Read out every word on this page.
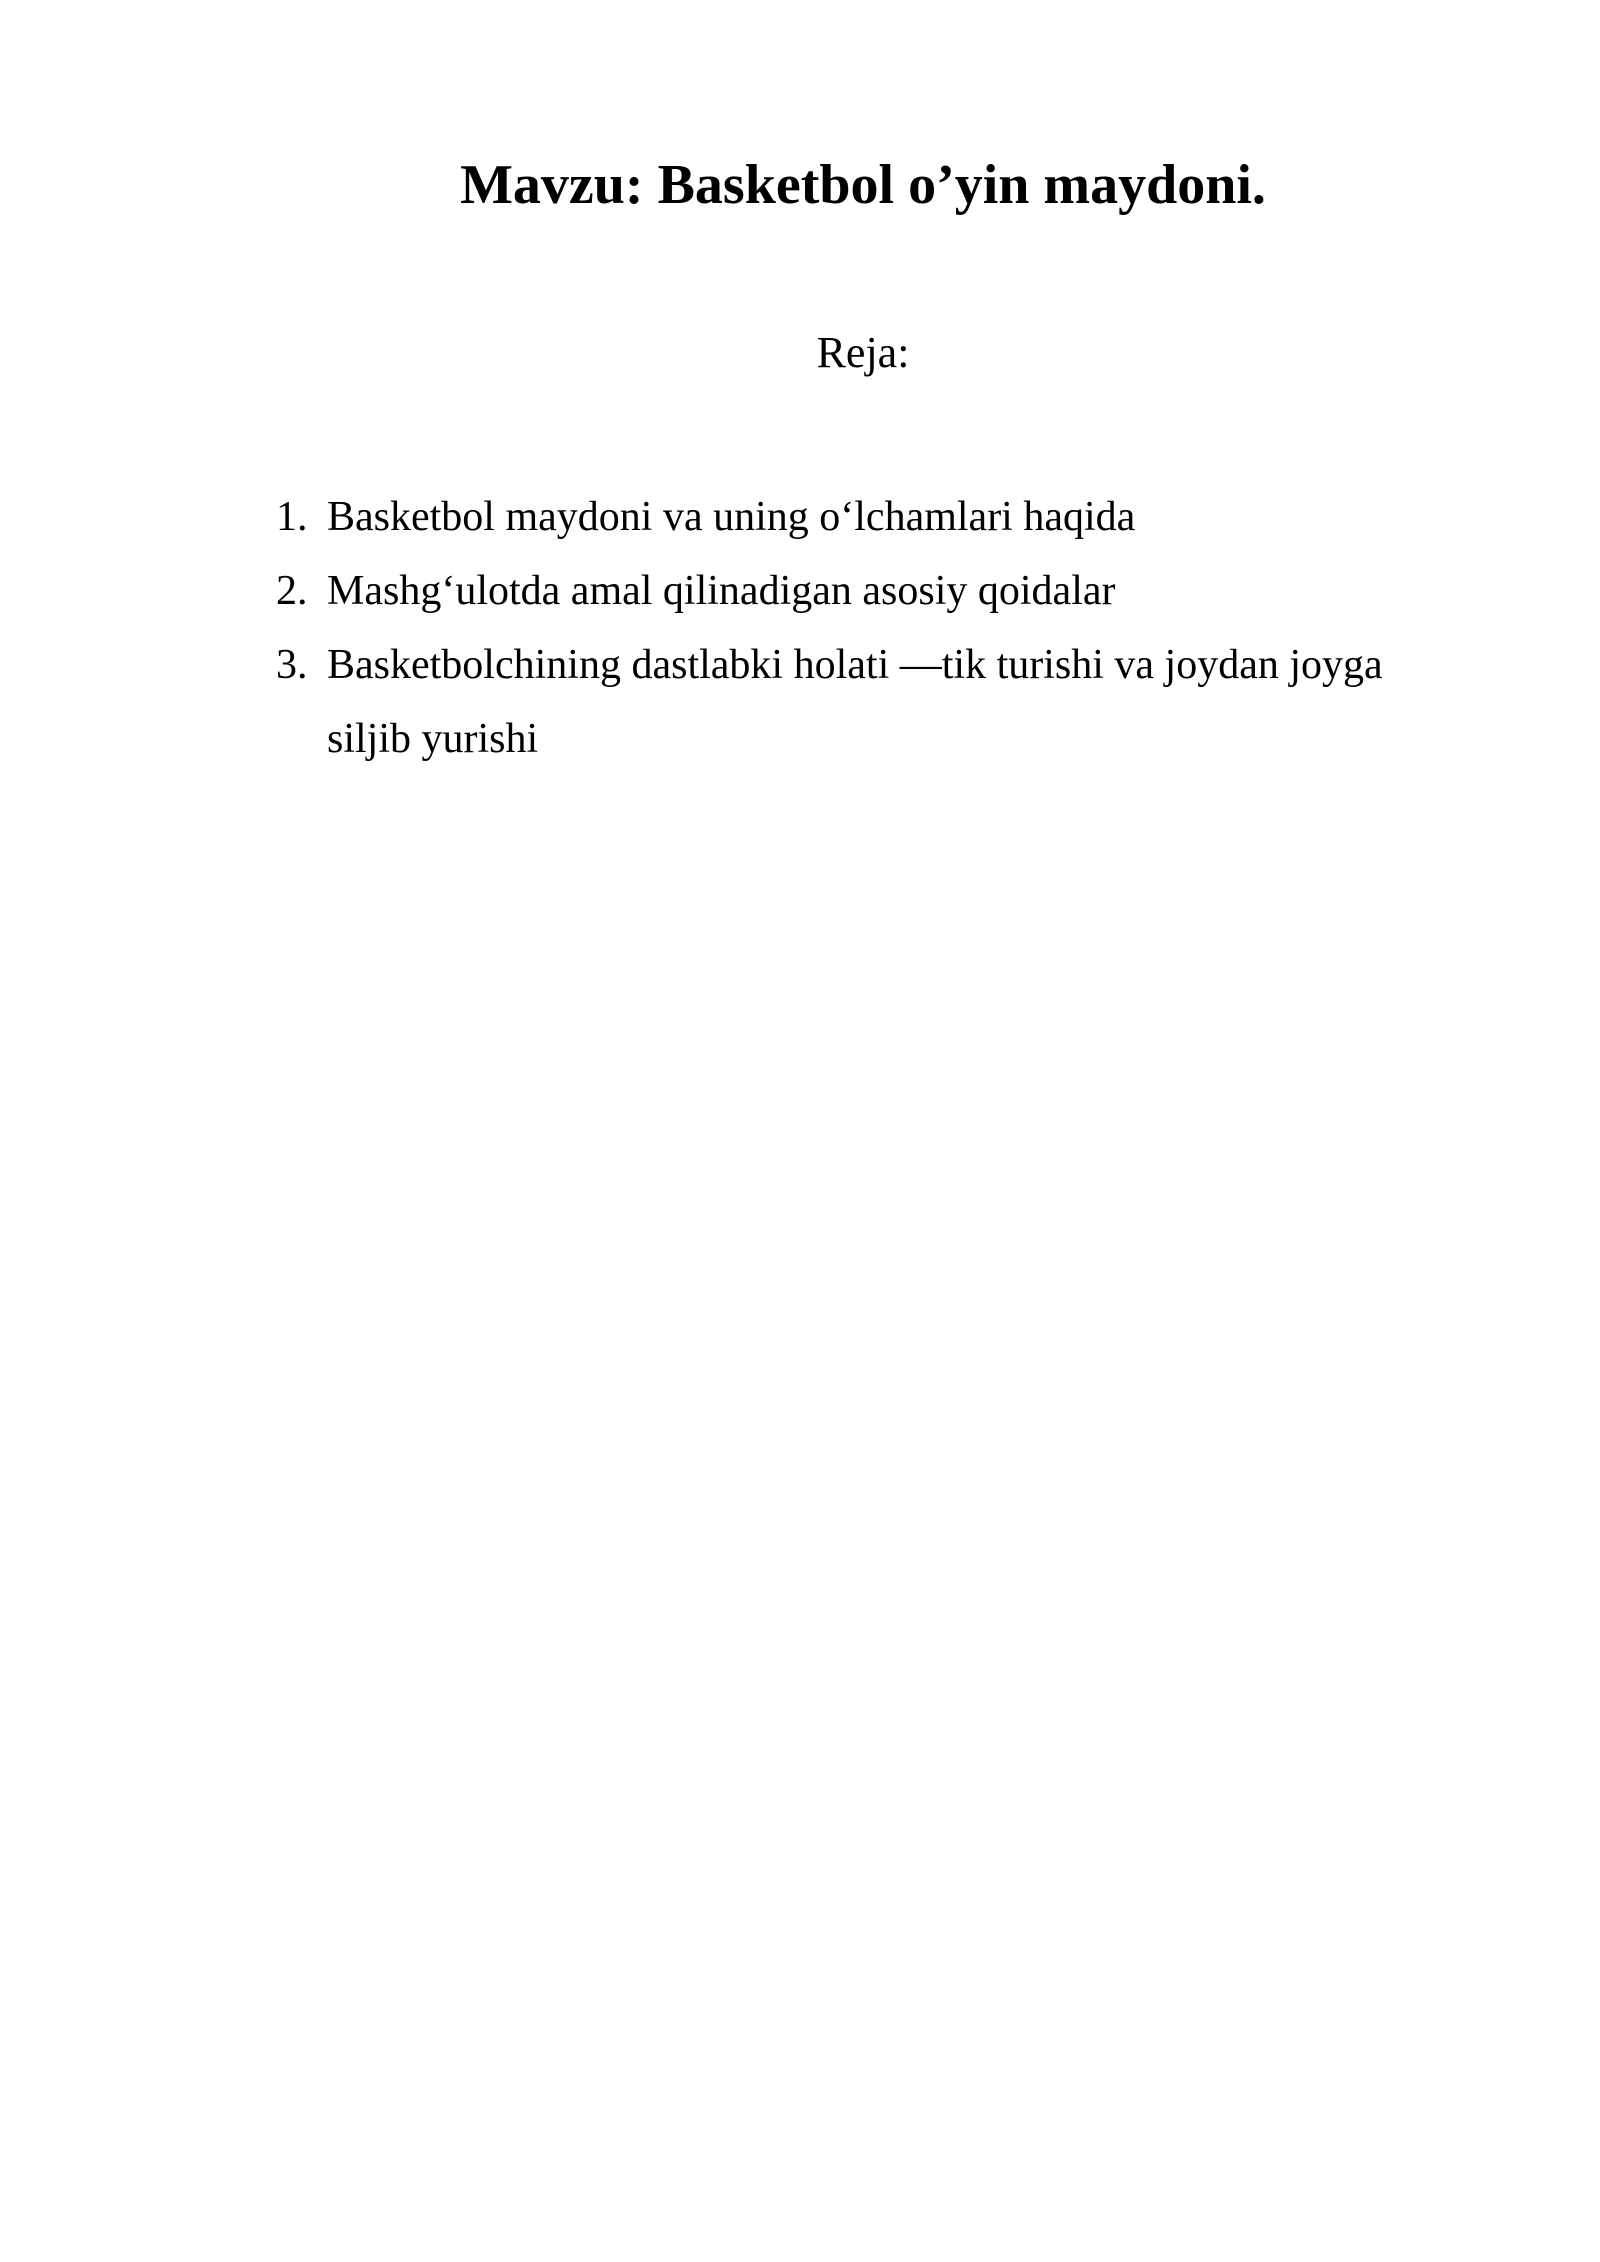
Mavzu: Basketbol o’yin maydoni.

Reja:

1. Basketbol maydoni va uning o‘lchamlari haqida
2. Mashg‘ulotda amal qilinadigan asosiy qoidalar
3. Basketbolchining dastlabki holati —tik turishi va joydan joyga siljib yurishi
